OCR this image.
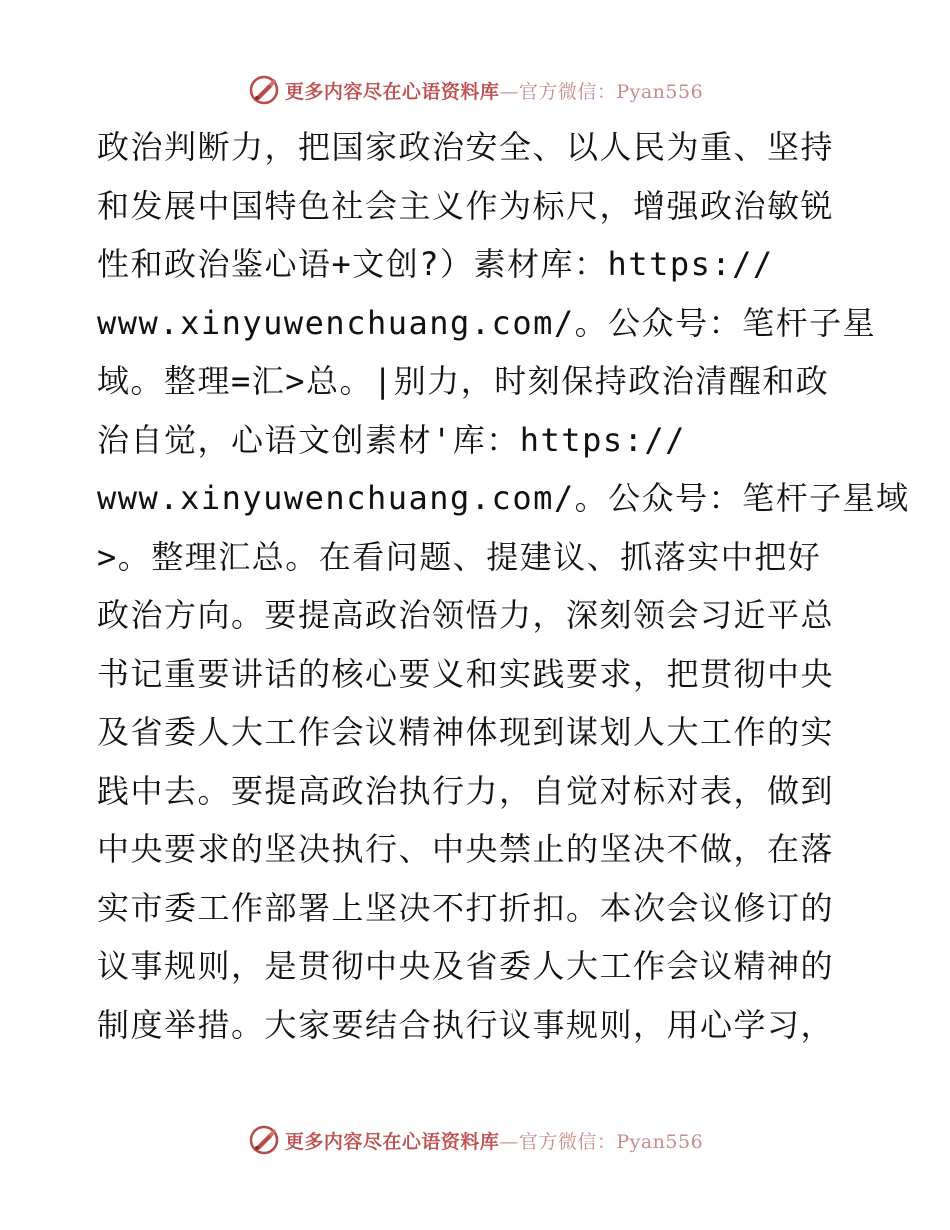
更多内容尽在心语资料库—官方微信：Pyan556
政治判断力，把国家政治安全、以人民为重、坚持
和发展中国特色社会主义作为标尺，增强政治敏锐
性和政治鉴心语+文创?）素材库：https://
www.xinyuwenchuang.com/。公众号：笔杆子星
域。整理=汇>总。|别力，时刻保持政治清醒和政
治自觉，心语文创素材'库：https://
www.xinyuwenchuang.com/。公众号：笔杆子星域
>。整理汇总。在看问题、提建议、抓落实中把好
政治方向。要提高政治领悟力，深刻领会习近平总
书记重要讲话的核心要义和实践要求，把贯彻中央
及省委人大工作会议精神体现到谋划人大工作的实
践中去。要提高政治执行力，自觉对标对表，做到
中央要求的坚决执行、中央禁止的坚决不做，在落
实市委工作部署上坚决不打折扣。本次会议修订的
议事规则，是贯彻中央及省委人大工作会议精神的
制度举措。大家要结合执行议事规则，用心学习，
更多内容尽在心语资料库—官方微信：Pyan556
